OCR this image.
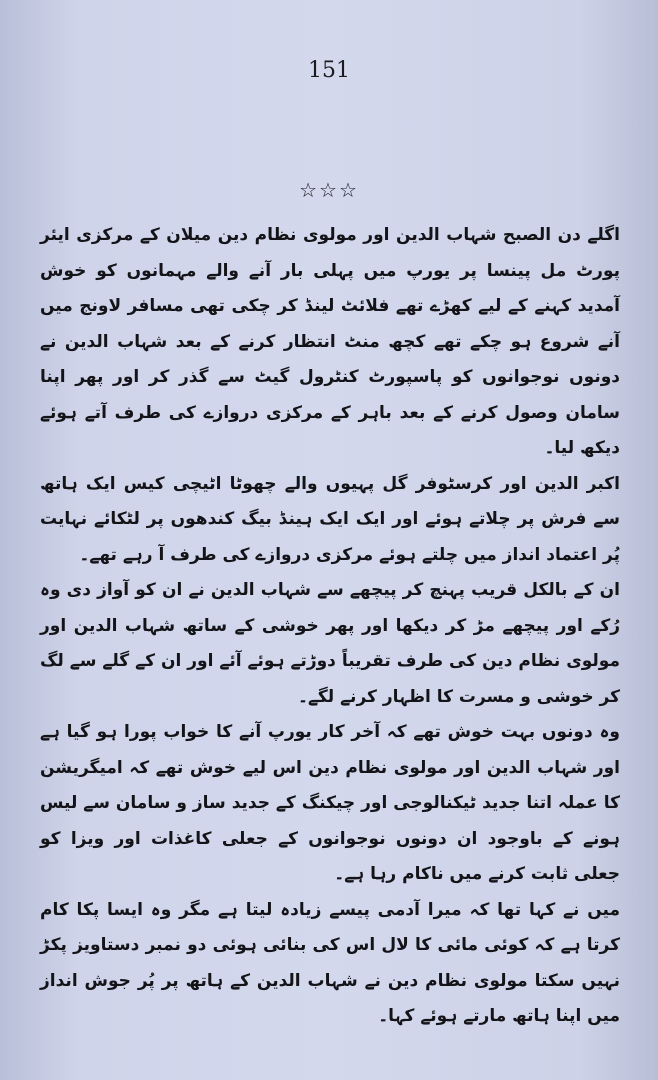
151
☆☆☆

اگلے دن الصبح شہاب الدین اور مولوی نظام دین میلان کے مرکزی ایئر پورٹ مل پینسا پر یورپ میں پہلی بار آنے والے مہمانوں کو خوش آمدید کہنے کے لیے کھڑے تھے فلائٹ لینڈ کر چکی تھی مسافر لاونج میں آنے شروع ہو چکے تھے کچھ منٹ انتظار کرنے کے بعد شہاب الدین نے دونوں نوجوانوں کو پاسپورٹ کنٹرول گیٹ سے گذر کر اور پھر اپنا سامان وصول کرنے کے بعد باہر کے مرکزی دروازے کی طرف آتے ہوئے دیکھ لیا۔

اکبر الدین اور کرسٹوفر گل پہیوں والے چھوٹا اٹیچی کیس ایک ہاتھ سے فرش پر چلاتے ہوئے اور ایک ایک ہینڈ بیگ کندھوں پر لٹکائے نہایت پُر اعتماد انداز میں چلتے ہوئے مرکزی دروازے کی طرف آ رہے تھے۔

ان کے بالکل قریب پہنچ کر پیچھے سے شہاب الدین نے ان کو آواز دی وہ رُکے اور پیچھے مڑ کر دیکھا اور پھر خوشی کے ساتھ شہاب الدین اور مولوی نظام دین کی طرف تقریباً دوڑتے ہوئے آئے اور ان کے گلے سے لگ کر خوشی و مسرت کا اظہار کرنے لگے۔

وہ دونوں بہت خوش تھے کہ آخر کار یورپ آنے کا خواب پورا ہو گیا ہے اور شہاب الدین اور مولوی نظام دین اس لیے خوش تھے کہ امیگریشن کا عملہ اتنا جدید ٹیکنالوجی اور چیکنگ کے جدید ساز و سامان سے لیس ہونے کے باوجود ان دونوں نوجوانوں کے جعلی کاغذات اور ویزا کو جعلی ثابت کرنے میں ناکام رہا ہے۔

میں نے کہا تھا کہ میرا آدمی پیسے زیادہ لیتا ہے مگر وہ ایسا پکا کام کرتا ہے کہ کوئی مائی کا لال اس کی بنائی ہوئی دو نمبر دستاویز پکڑ نہیں سکتا مولوی نظام دین نے شہاب الدین کے ہاتھ پر پُر جوش انداز میں اپنا ہاتھ مارتے ہوئے کہا۔
